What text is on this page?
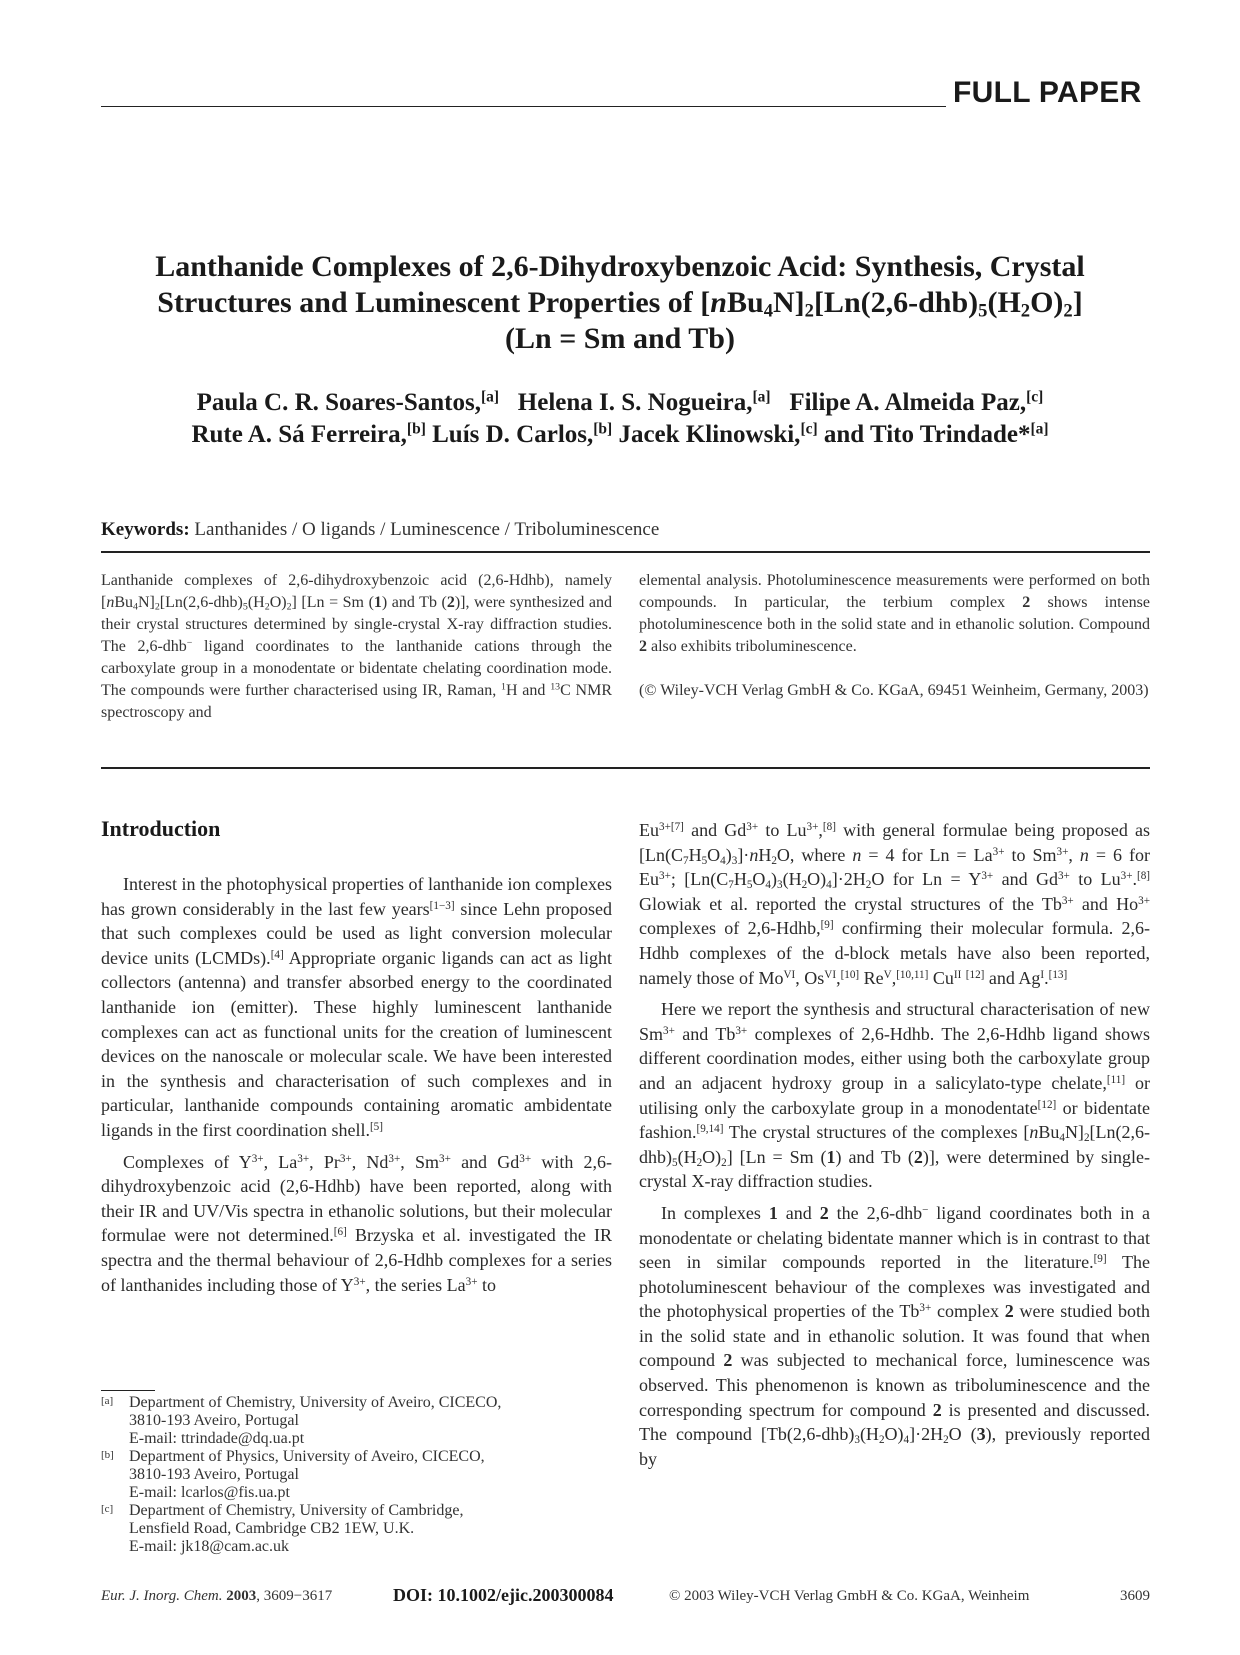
FULL PAPER
Lanthanide Complexes of 2,6-Dihydroxybenzoic Acid: Synthesis, Crystal
Structures and Luminescent Properties of $[nBu_4N]_2[Ln(2,6-dhb)_5(H_2O)_2]$
(Ln = Sm and Tb)
Paula C. R. Soares-Santos,[a] Helena I. S. Nogueira,[a] Filipe A. Almeida Paz,[c]
Rute A. Sá Ferreira,[b] Luís D. Carlos,[b] Jacek Klinowski,[c] and Tito Trindade*[a]
Keywords: Lanthanides / O ligands / Luminescence / Triboluminescence

Lanthanide complexes of 2,6-dihydroxybenzoic acid (2,6-Hdhb), namely $[nBu_4N]_2[Ln(2,6-dhb)_5(H_2O)_2] [Ln = Sm$ (1) and Tb (2)], were synthesized and their crystal structures determined by single-crystal X-ray diffraction studies. The 2,6-dhb− ligand coordinates to the lanthanide cations through the carboxylate group in a monodentate or bidentate chelating coordination mode. The compounds were further characterised using IR, Raman, $^1$H and $^{13}$C NMR spectroscopy and

elemental analysis. Photoluminescence measurements were performed on both compounds. In particular, the terbium complex 2 shows intense photoluminescence both in the solid state and in ethanolic solution. Compound 2 also exhibits triboluminescence.

(© Wiley-VCH Verlag GmbH & Co. KGaA, 69451 Weinheim, Germany, 2003)

Introduction

Interest in the photophysical properties of lanthanide ion complexes has grown considerably in the last few years[1−3] since Lehn proposed that such complexes could be used as light conversion molecular device units (LCMDs).[4] Appropriate organic ligands can act as light collectors (antenna) and transfer absorbed energy to the coordinated lanthanide ion (emitter). These highly luminescent lanthanide complexes can act as functional units for the creation of luminescent devices on the nanoscale or molecular scale. We have been interested in the synthesis and characterisation of such complexes and in particular, lanthanide compounds containing aromatic ambidentate ligands in the first coordination shell.[5]

Complexes of $Y^{3+}$, $La^{3+}$, $Pr^{3+}$, $Nd^{3+}$, $Sm^{3+}$ and $Gd^{3+}$ with 2,6-dihydroxybenzoic acid (2,6-Hdhb) have been reported, along with their IR and UV/Vis spectra in ethanolic solutions, but their molecular formulae were not determined.[6] Brzyska et al. investigated the IR spectra and the thermal behaviour of 2,6-Hdhb complexes for a series of lanthanides including those of $Y^{3+}$, the series $La^{3+}$ to

$Eu^{3+[7]}$ and $Gd^{3+}$ to $Lu^{3+},[8]$ with general formulae being proposed as $[Ln(C_7H_5O_4)_3]\cdot nH_2O$, where n = 4 for $Ln = La^{3+}$ to $Sm^{3+}$, n = 6 for $Eu^{3+}$; $[Ln(C_7H_5O_4)_3(H_2O)_4]\cdot 2H_2O$ for $Ln = Y^{3+}$ and $Gd^{3+}$ to $Lu^{3+}.[8]$ Glowiak et al. reported the crystal structures of the $Tb^{3+}$ and $Ho^{3+}$ complexes of 2,6-Hdhb,[9] confirming their molecular formula. 2,6-Hdhb complexes of the d-block metals have also been reported, namely those of $Mo^{VI}$, $Os^{VI},[10]$ $Re^V,[10,11]$ $Cu^{II}$ [12] and $Ag^I.[13]$

Here we report the synthesis and structural characterisation of new $Sm^{3+}$ and $Tb^{3+}$ complexes of 2,6-Hdhb. The 2,6-Hdhb ligand shows different coordination modes, either using both the carboxylate group and an adjacent hydroxy group in a salicylato-type chelate,[11] or utilising only the carboxylate group in a monodentate[12] or bidentate fashion.[9,14] The crystal structures of the complexes $[nBu_4N]_2[Ln(2,6-dhb)_5(H_2O)_2] [Ln = Sm$ (1) and Tb (2)], were determined by single-crystal X-ray diffraction studies.

In complexes 1 and 2 the 2,6-dhb− ligand coordinates both in a monodentate or chelating bidentate manner which is in contrast to that seen in similar compounds reported in the literature.[9] The photoluminescent behaviour of the complexes was investigated and the photophysical properties of the $Tb^{3+}$ complex 2 were studied both in the solid state and in ethanolic solution. It was found that when compound 2 was subjected to mechanical force, luminescence was observed. This phenomenon is known as triboluminescence and the corresponding spectrum for compound 2 is presented and discussed. The compound $[Tb(2,6-dhb)_3(H_2O)_4]\cdot 2H_2O$ (3), previously reported by

[a] Department of Chemistry, University of Aveiro, CICECO,
3810-193 Aveiro, Portugal
E-mail: ttrindade@dq.ua.pt
[b] Department of Physics, University of Aveiro, CICECO,
3810-193 Aveiro, Portugal
E-mail: lcarlos@fis.ua.pt
[c] Department of Chemistry, University of Cambridge,
Lensfield Road, Cambridge CB2 1EW, U.K.
E-mail: jk18@cam.ac.uk
Eur. J. Inorg. Chem. 2003, 3609−3617	DOI: 10.1002/ejic.200300084	© 2003 Wiley-VCH Verlag GmbH & Co. KGaA, Weinheim	3609
